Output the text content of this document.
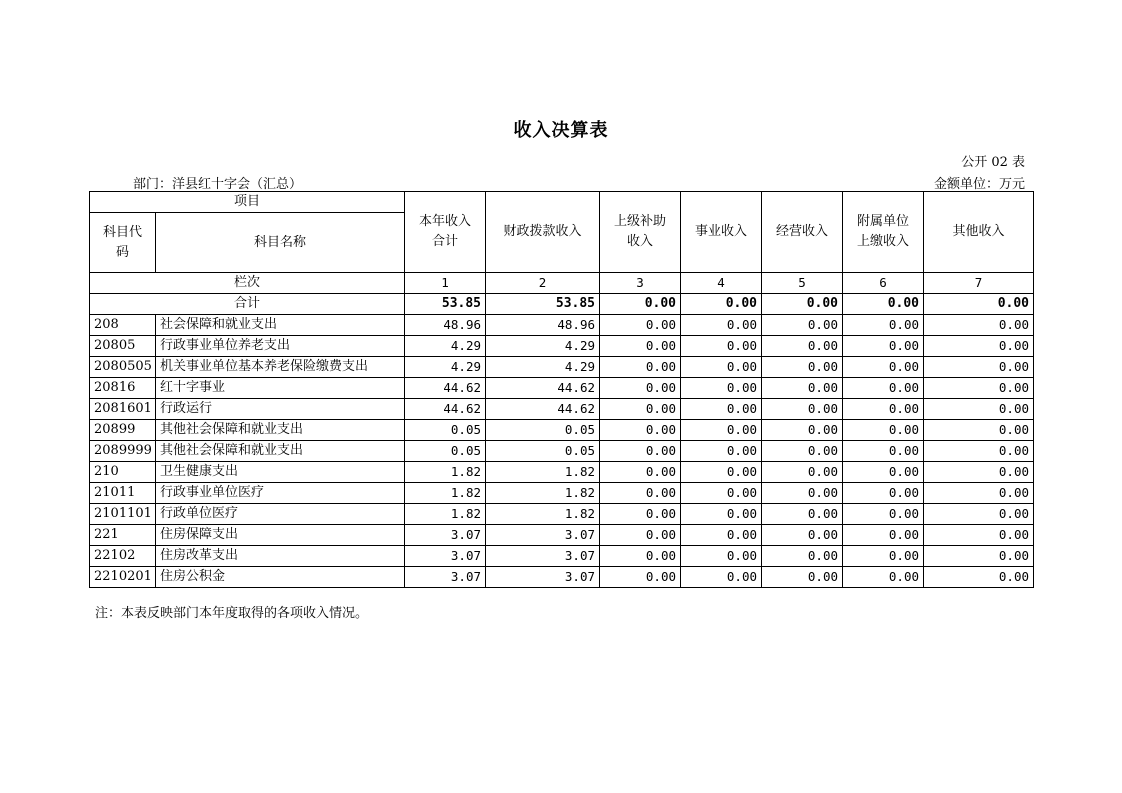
收入决算表
公开 02 表
部门：洋县红十字会（汇总）	金额单位：万元
项目		本年收入合计	财政拨款收入	上级补助收入	事业收入	经营收入	附属单位上缴收入	其他收入
科目代码	科目名称							
栏次		1	2	3	4	5	6	7
合计		53.85	53.85	0.00	0.00	0.00	0.00	0.00
208	社会保障和就业支出	48.96	48.96	0.00	0.00	0.00	0.00	0.00
20805	行政事业单位养老支出	4.29	4.29	0.00	0.00	0.00	0.00	0.00
2080505	机关事业单位基本养老保险缴费支出	4.29	4.29	0.00	0.00	0.00	0.00	0.00
20816	红十字事业	44.62	44.62	0.00	0.00	0.00	0.00	0.00
2081601	行政运行	44.62	44.62	0.00	0.00	0.00	0.00	0.00
20899	其他社会保障和就业支出	0.05	0.05	0.00	0.00	0.00	0.00	0.00
2089999	其他社会保障和就业支出	0.05	0.05	0.00	0.00	0.00	0.00	0.00
210	卫生健康支出	1.82	1.82	0.00	0.00	0.00	0.00	0.00
21011	行政事业单位医疗	1.82	1.82	0.00	0.00	0.00	0.00	0.00
2101101	行政单位医疗	1.82	1.82	0.00	0.00	0.00	0.00	0.00
221	住房保障支出	3.07	3.07	0.00	0.00	0.00	0.00	0.00
22102	住房改革支出	3.07	3.07	0.00	0.00	0.00	0.00	0.00
2210201	住房公积金	3.07	3.07	0.00	0.00	0.00	0.00	0.00
注：本表反映部门本年度取得的各项收入情况。
